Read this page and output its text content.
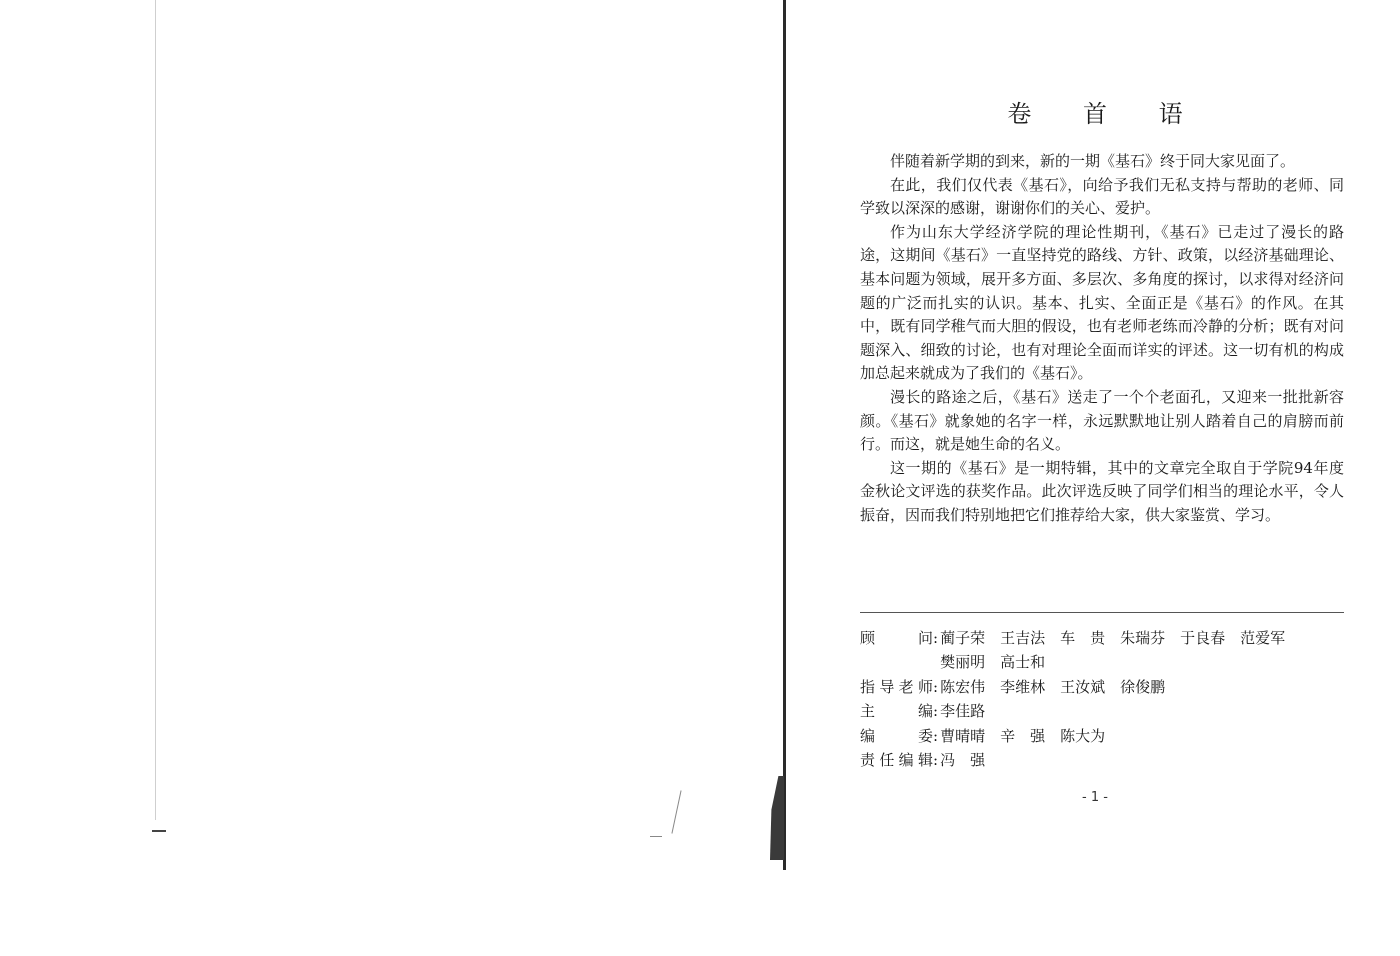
卷 首 语

伴随着新学期的到来，新的一期《基石》终于同大家见面了。

在此，我们仅代表《基石》，向给予我们无私支持与帮助的老师、同学致以深深的感谢，谢谢你们的关心、爱护。

作为山东大学经济学院的理论性期刊，《基石》已走过了漫长的路途，这期间《基石》一直坚持党的路线、方针、政策，以经济基础理论、基本问题为领域，展开多方面、多层次、多角度的探讨，以求得对经济问题的广泛而扎实的认识。基本、扎实、全面正是《基石》的作风。在其中，既有同学稚气而大胆的假设，也有老师老练而冷静的分析；既有对问题深入、细致的讨论，也有对理论全面而详实的评述。这一切有机的构成加总起来就成为了我们的《基石》。

漫长的路途之后，《基石》送走了一个个老面孔，又迎来一批批新容颜。《基石》就象她的名字一样，永远默默地让别人踏着自己的肩膀而前行。而这，就是她生命的名义。

这一期的《基石》是一期特辑，其中的文章完全取自于学院94年度金秋论文评选的获奖作品。此次评选反映了同学们相当的理论水平，令人振奋，因而我们特别地把它们推荐给大家，供大家鉴赏、学习。

顾问 : 蔺子荣　王吉法　车　贵　朱瑞芬　于良春　范爱军
樊丽明　高士和
指导老师 : 陈宏伟　李维林　王汝斌　徐俊鹏
主编 : 李佳路
编委 : 曹晴晴　辛　强　陈大为
责任编辑 : 冯　强
- 1 -
